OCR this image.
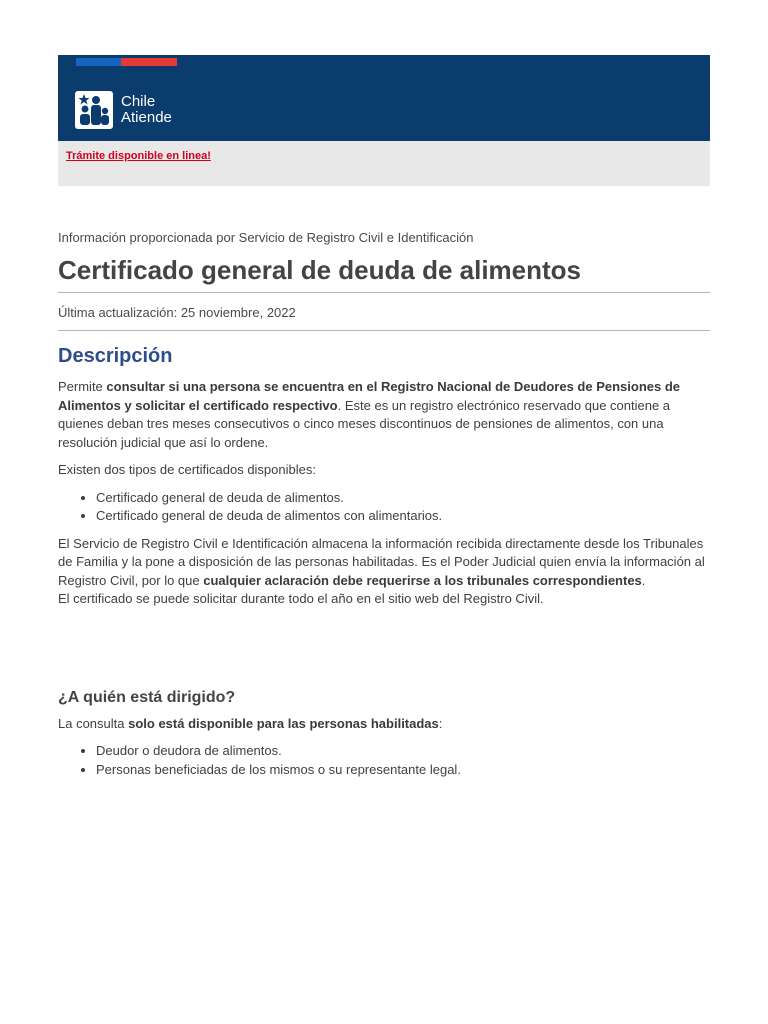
Chile
Atiende
Trámite disponible en linea!
Información proporcionada por Servicio de Registro Civil e Identificación
Certificado general de deuda de alimentos
Última actualización: 25 noviembre, 2022
Descripción

Permite consultar si una persona se encuentra en el Registro Nacional de Deudores de Pensiones de Alimentos y solicitar el certificado respectivo. Este es un registro electrónico reservado que contiene a quienes deban tres meses consecutivos o cinco meses discontinuos de pensiones de alimentos, con una resolución judicial que así lo ordene.

Existen dos tipos de certificados disponibles:

• Certificado general de deuda de alimentos.
• Certificado general de deuda de alimentos con alimentarios.

El Servicio de Registro Civil e Identificación almacena la información recibida directamente desde los Tribunales de Familia y la pone a disposición de las personas habilitadas. Es el Poder Judicial quien envía la información al Registro Civil, por lo que cualquier aclaración debe requerirse a los tribunales correspondientes.

El certificado se puede solicitar durante todo el año en el sitio web del Registro Civil.

¿A quién está dirigido?

La consulta solo está disponible para las personas habilitadas:

• Deudor o deudora de alimentos.
• Personas beneficiadas de los mismos o su representante legal.
